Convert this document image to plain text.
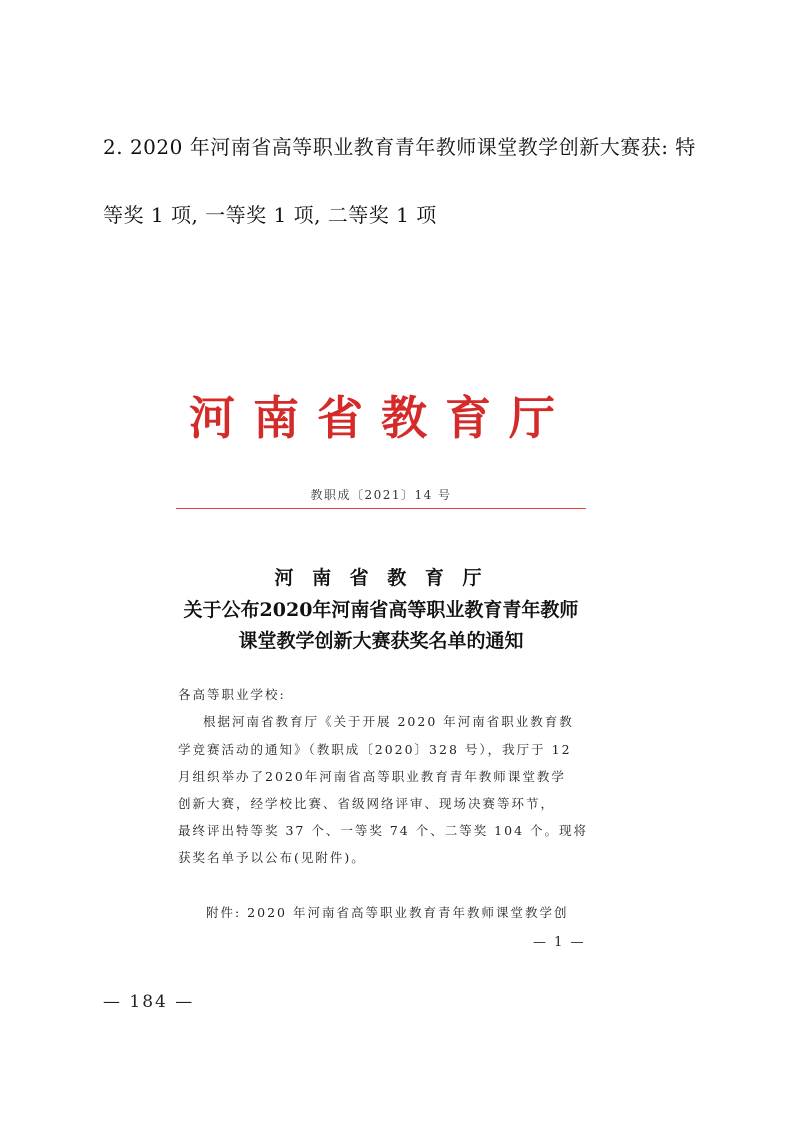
2. 2020 年河南省高等职业教育青年教师课堂教学创新大赛获: 特
等奖 1 项, 一等奖 1 项, 二等奖 1 项
河南省教育厅
教职成〔2021〕14 号
河 南 省 教 育 厅
关于公布2020年河南省高等职业教育青年教师
课堂教学创新大赛获奖名单的通知
各高等职业学校:
根据河南省教育厅《关于开展 2020 年河南省职业教育教
学竞赛活动的通知》（教职成〔2020〕328 号），我厅于 12
月组织举办了2020年河南省高等职业教育青年教师课堂教学
创新大赛，经学校比赛、省级网络评审、现场决赛等环节，
最终评出特等奖 37 个、一等奖 74 个、二等奖 104 个。现将
获奖名单予以公布(见附件)。
附件: 2020 年河南省高等职业教育青年教师课堂教学创
— 1 —
— 184 —
